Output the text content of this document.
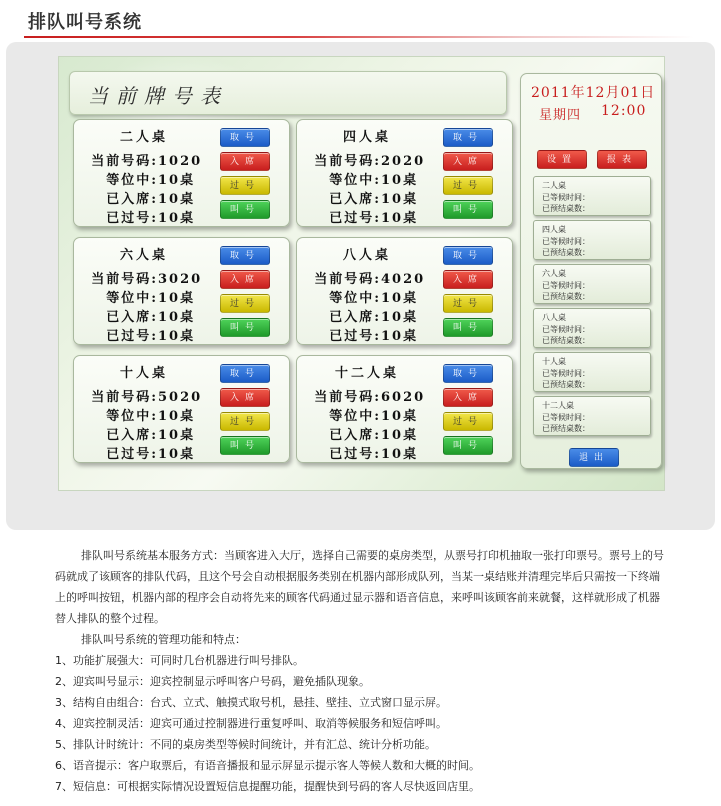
排队叫号系统
当前牌号表
二人桌
当前号码:1020
等位中:10桌
已入席:10桌
已过号:10桌
取号
入席
过号
叫号
四人桌
当前号码:2020
等位中:10桌
已入席:10桌
已过号:10桌
取号
入席
过号
叫号
六人桌
当前号码:3020
等位中:10桌
已入席:10桌
已过号:10桌
取号
入席
过号
叫号
八人桌
当前号码:4020
等位中:10桌
已入席:10桌
已过号:10桌
取号
入席
过号
叫号
十人桌
当前号码:5020
等位中:10桌
已入席:10桌
已过号:10桌
取号
入席
过号
叫号
十二人桌
当前号码:6020
等位中:10桌
已入席:10桌
已过号:10桌
取号
入席
过号
叫号
2011年12月01日
星期四 12:00
设置	报表
二人桌
已等候时间：
已预结桌数：
四人桌
已等候时间：
已预结桌数：
六人桌
已等候时间：
已预结桌数：
八人桌
已等候时间：
已预结桌数：
十人桌
已等候时间：
已预结桌数：
十二人桌
已等候时间：
已预结桌数：
退出

排队叫号系统基本服务方式：当顾客进入大厅，选择自己需要的桌房类型，从票号打印机抽取一张打印票号。票号上的号码就成了该顾客的排队代码，且这个号会自动根据服务类别在机器内部形成队列，当某一桌结账并清理完毕后只需按一下终端上的呼叫按钮，机器内部的程序会自动将先来的顾客代码通过显示器和语音信息，来呼叫该顾客前来就餐，这样就形成了机器替人排队的整个过程。

排队叫号系统的管理功能和特点：

1、功能扩展强大：可同时几台机器进行叫号排队。

2、迎宾叫号显示：迎宾控制显示呼叫客户号码，避免插队现象。

3、结构自由组合：台式、立式、触摸式取号机，悬挂、壁挂、立式窗口显示屏。

4、迎宾控制灵活：迎宾可通过控制器进行重复呼叫、取消等候服务和短信呼叫。

5、排队计时统计：不同的桌房类型等候时间统计，并有汇总、统计分析功能。

6、语音提示：客户取票后，有语音播报和显示屏显示提示客人等候人数和大概的时间。

7、短信息：可根据实际情况设置短信息提醒功能，提醒快到号码的客人尽快返回店里。
